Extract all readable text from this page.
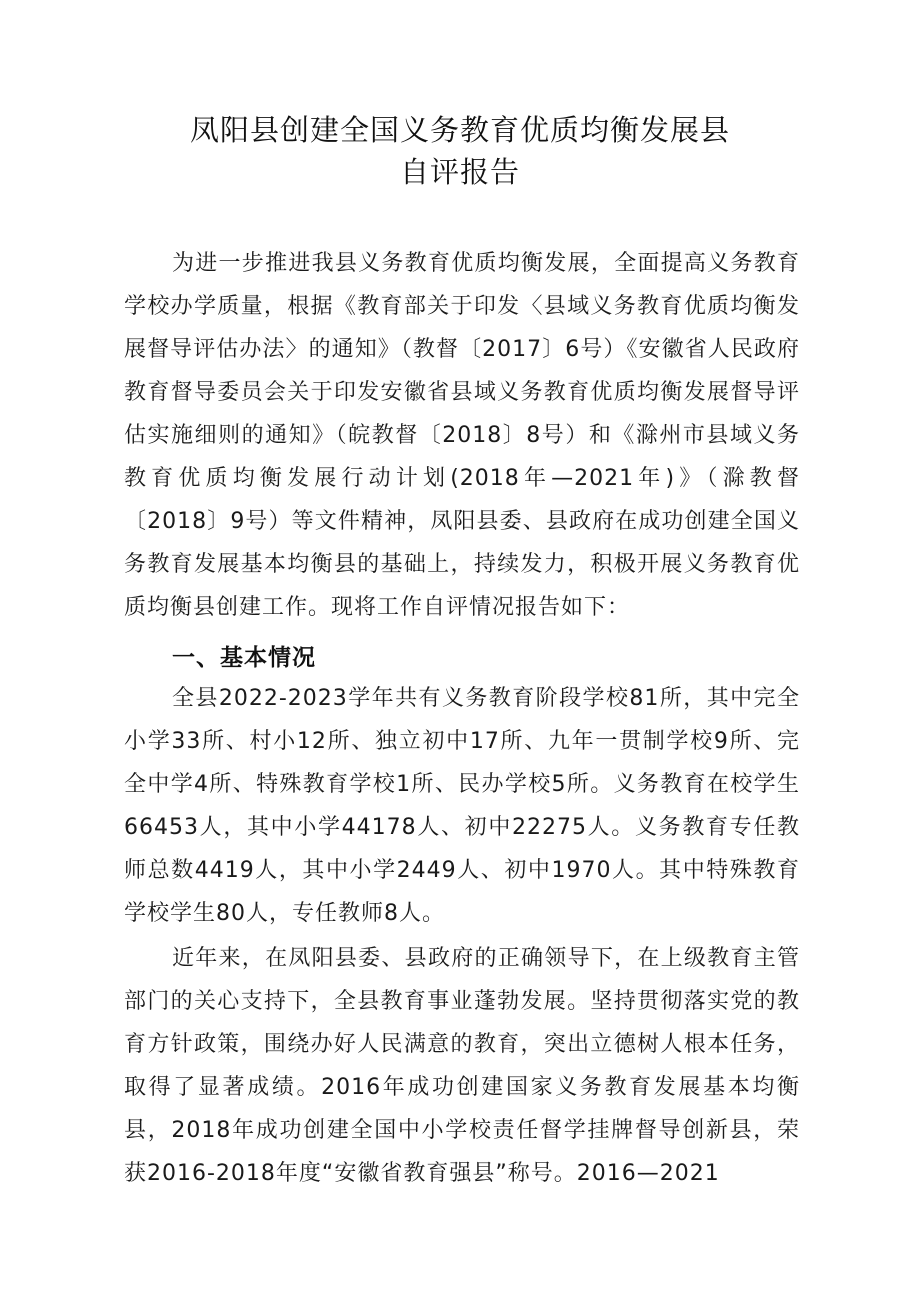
凤阳县创建全国义务教育优质均衡发展县
自评报告
为进一步推进我县义务教育优质均衡发展，全面提高义务教育学校办学质量，根据《教育部关于印发〈县域义务教育优质均衡发展督导评估办法〉的通知》（教督〔2017〕6号）《安徽省人民政府教育督导委员会关于印发安徽省县域义务教育优质均衡发展督导评估实施细则的通知》（皖教督〔2018〕8号）和《滁州市县域义务教育优质均衡发展行动计划(2018年—2021年)》（滁教督〔2018〕9号）等文件精神，凤阳县委、县政府在成功创建全国义务教育发展基本均衡县的基础上，持续发力，积极开展义务教育优质均衡县创建工作。现将工作自评情况报告如下：
一、基本情况
全县2022-2023学年共有义务教育阶段学校81所，其中完全小学33所、村小12所、独立初中17所、九年一贯制学校9所、完全中学4所、特殊教育学校1所、民办学校5所。义务教育在校学生66453人，其中小学44178人、初中22275人。义务教育专任教师总数4419人，其中小学2449人、初中1970人。其中特殊教育学校学生80人，专任教师8人。
近年来，在凤阳县委、县政府的正确领导下，在上级教育主管部门的关心支持下，全县教育事业蓬勃发展。坚持贯彻落实党的教育方针政策，围绕办好人民满意的教育，突出立德树人根本任务，取得了显著成绩。2016年成功创建国家义务教育发展基本均衡县，2018年成功创建全国中小学校责任督学挂牌督导创新县，荣获2016-2018年度“安徽省教育强县”称号。2016—2021
